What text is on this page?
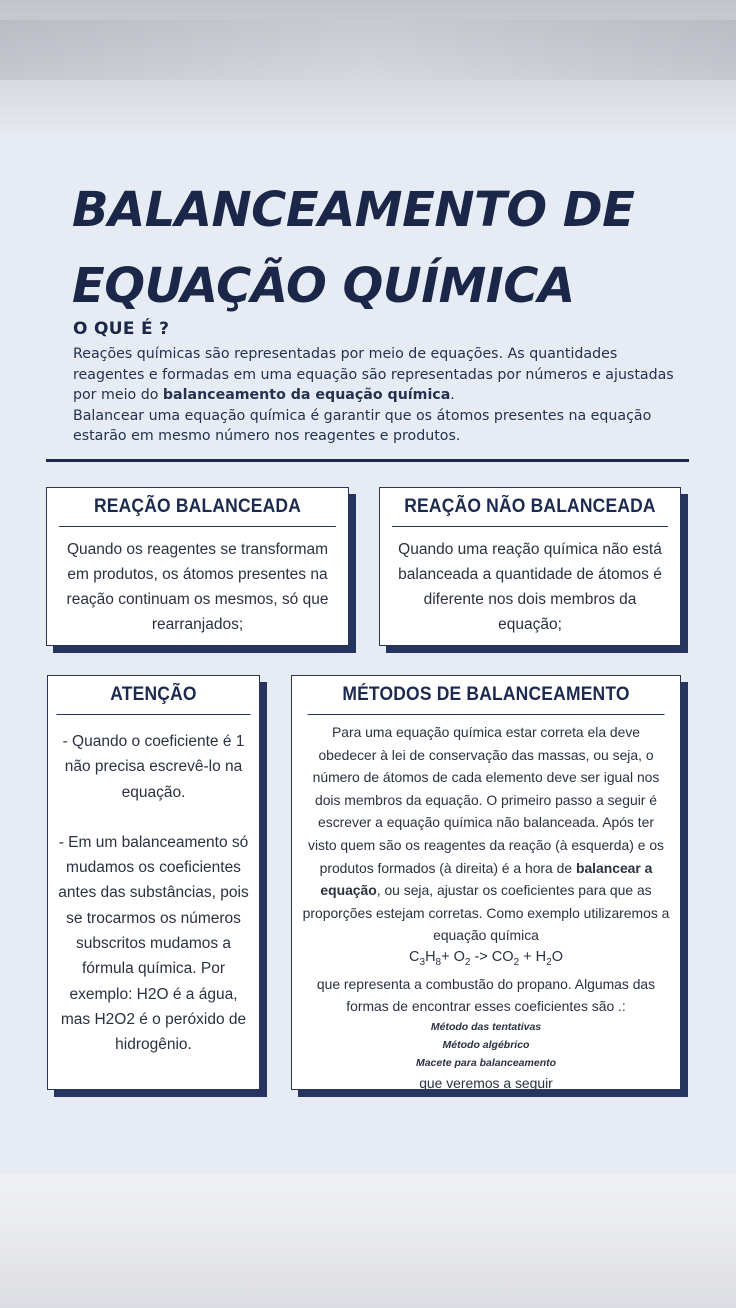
BALANCEAMENTO DE
EQUAÇÃO QUÍMICA
O QUE É ?

Reações químicas são representadas por meio de equações. As quantidades reagentes e formadas em uma equação são representadas por números e ajustadas por meio do balanceamento da equação química.

Balancear uma equação química é garantir que os átomos presentes na equação estarão em mesmo número nos reagentes e produtos.

REAÇÃO BALANCEADA
Quando os reagentes se transformam em produtos, os átomos presentes na reação continuam os mesmos, só que rearranjados;
REAÇÃO NÃO BALANCEADA
Quando uma reação química não está balanceada a quantidade de átomos é diferente nos dois membros da equação;
ATENÇÃO

- Quando o coeficiente é 1 não precisa escrevê-lo na equação.

- Em um balanceamento só mudamos os coeficientes antes das substâncias, pois se trocarmos os números subscritos mudamos a fórmula química. Por exemplo: H2O é a água, mas H2O2 é o peróxido de hidrogênio.

MÉTODOS DE BALANCEAMENTO

Para uma equação química estar correta ela deve obedecer à lei de conservação das massas, ou seja, o número de átomos de cada elemento deve ser igual nos dois membros da equação. O primeiro passo a seguir é escrever a equação química não balanceada. Após ter visto quem são os reagentes da reação (à esquerda) e os produtos formados (à direita) é a hora de balancear a equação, ou seja, ajustar os coeficientes para que as proporções estejam corretas. Como exemplo utilizaremos a equação química

$C_3H_8+ O_2 -> CO_2 + H_2O$

que representa a combustão do propano. Algumas das formas de encontrar esses coeficientes são .:

Método das tentativas

Método algébrico

Macete para balanceamento

que veremos a seguir
